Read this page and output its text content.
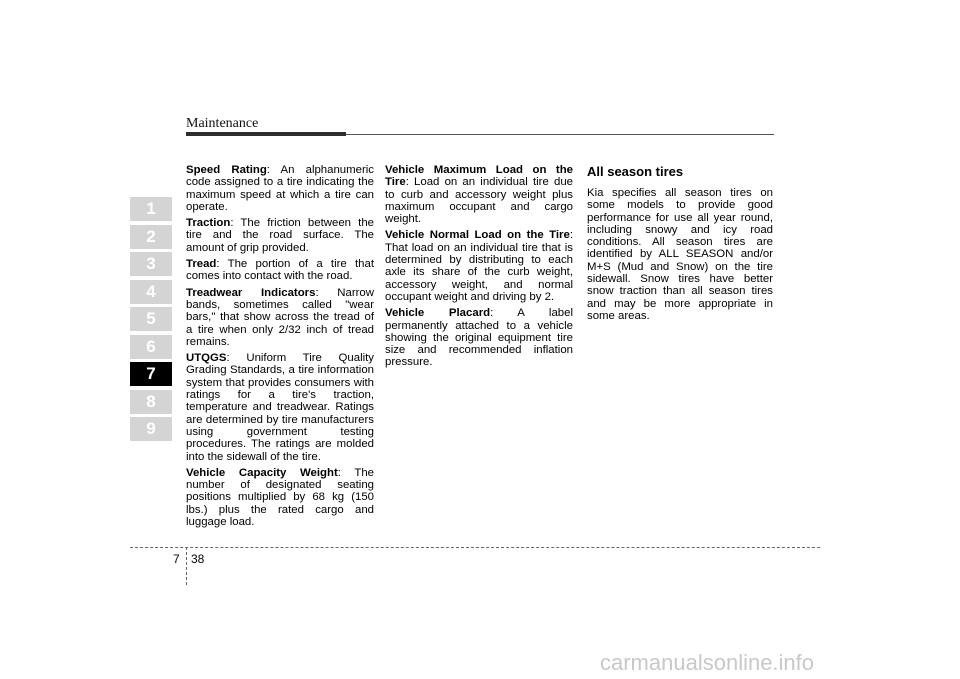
Maintenance
1
2
3
4
5
6
7
8
9

Speed Rating: An alphanumeric code assigned to a tire indicating the maximum speed at which a tire can operate.

Traction: The friction between the tire and the road surface. The amount of grip provided.

Tread: The portion of a tire that comes into contact with the road.

Treadwear Indicators: Narrow bands, sometimes called "wear bars," that show across the tread of a tire when only 2/32 inch of tread remains.

UTQGS: Uniform Tire Quality Grading Standards, a tire information system that provides consumers with ratings for a tire's traction, temperature and treadwear. Ratings are determined by tire manufacturers using government testing procedures. The ratings are molded into the sidewall of the tire.

Vehicle Capacity Weight: The number of designated seating positions multiplied by 68 kg (150 lbs.) plus the rated cargo and luggage load.

Vehicle Maximum Load on the Tire: Load on an individual tire due to curb and accessory weight plus maximum occupant and cargo weight.

Vehicle Normal Load on the Tire: That load on an individual tire that is determined by distributing to each axle its share of the curb weight, accessory weight, and normal occupant weight and driving by 2.

Vehicle Placard: A label permanently attached to a vehicle showing the original equipment tire size and recommended inflation pressure.

All season tires

Kia specifies all season tires on some models to provide good performance for use all year round, including snowy and icy road conditions. All season tires are identified by ALL SEASON and/or M+S (Mud and Snow) on the tire sidewall. Snow tires have better snow traction than all season tires and may be more appropriate in some areas.

7 38
carmanualsonline.info
